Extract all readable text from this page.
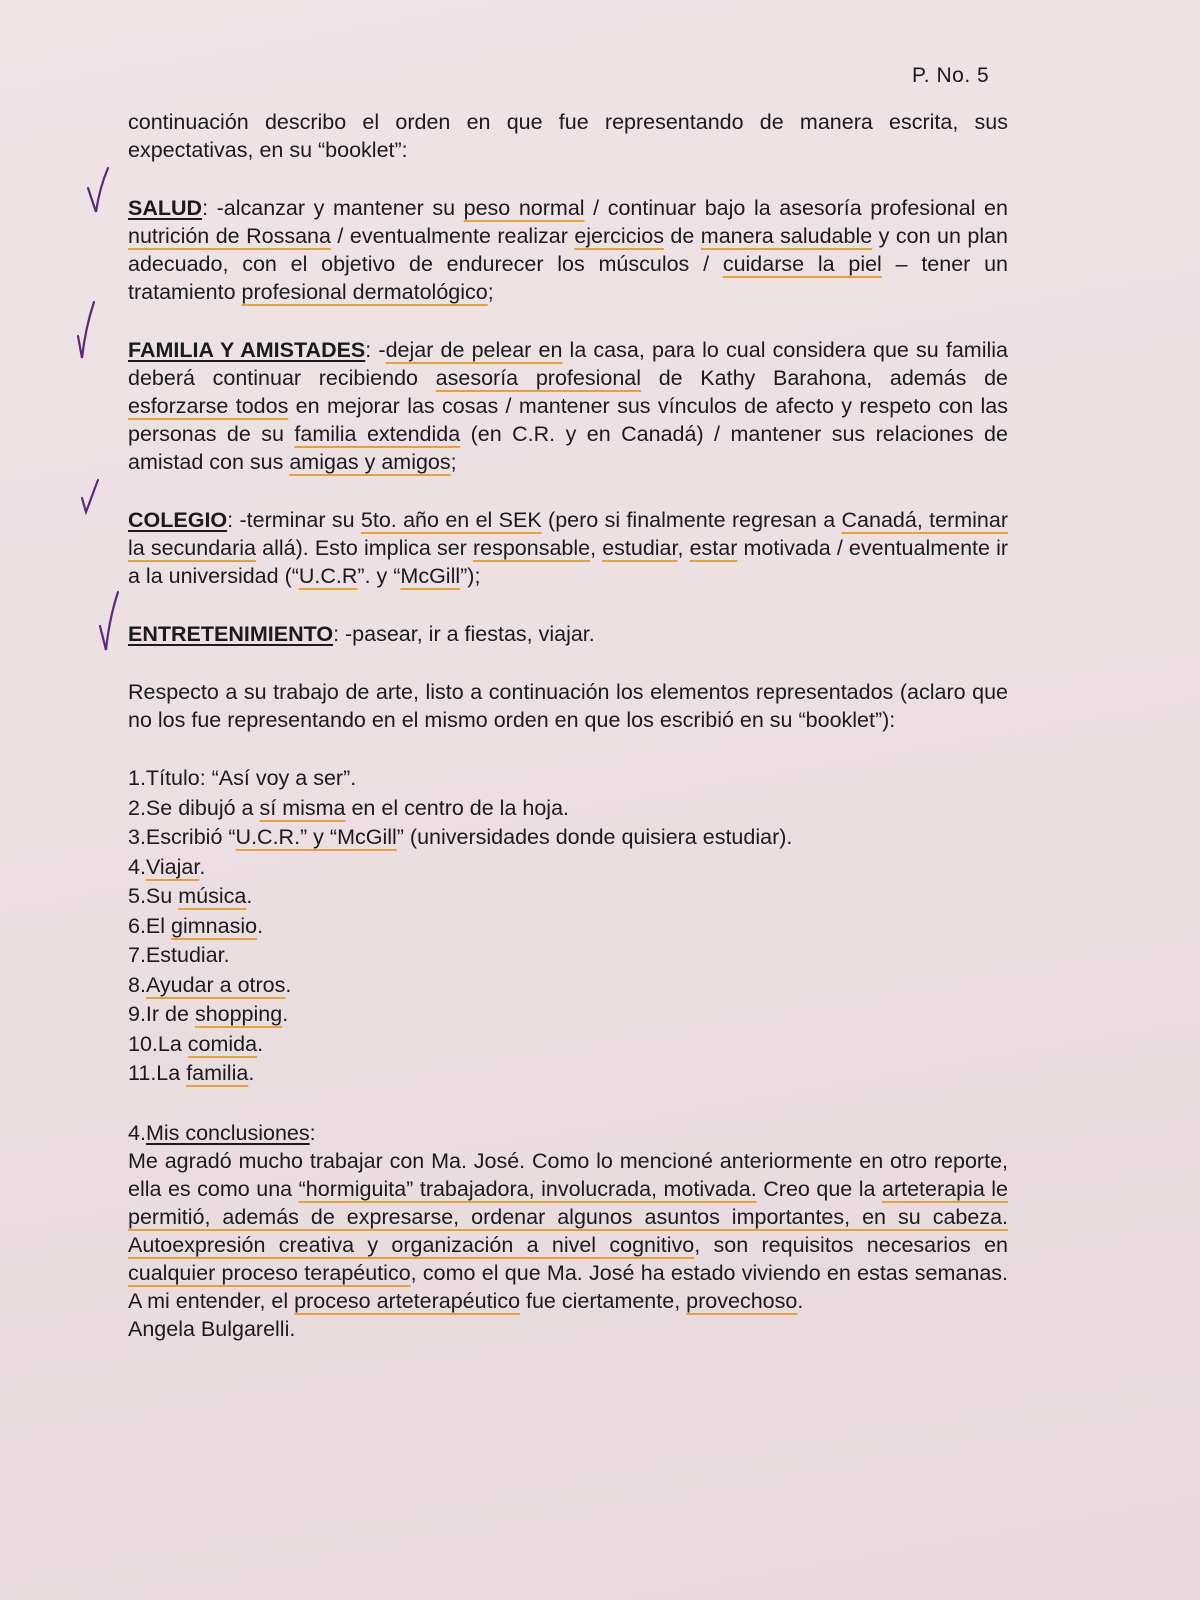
P. No. 5

continuación describo el orden en que fue representando de manera escrita, sus expectativas, en su “booklet”:

SALUD: -alcanzar y mantener su peso normal / continuar bajo la asesoría profesional en nutrición de Rossana / eventualmente realizar ejercicios de manera saludable y con un plan adecuado, con el objetivo de endurecer los músculos / cuidarse la piel – tener un tratamiento profesional dermatológico;

FAMILIA Y AMISTADES: -dejar de pelear en la casa, para lo cual considera que su familia deberá continuar recibiendo asesoría profesional de Kathy Barahona, además de esforzarse todos en mejorar las cosas / mantener sus vínculos de afecto y respeto con las personas de su familia extendida (en C.R. y en Canadá) / mantener sus relaciones de amistad con sus amigas y amigos;

COLEGIO: -terminar su 5to. año en el SEK (pero si finalmente regresan a Canadá, terminar la secundaria allá). Esto implica ser responsable, estudiar, estar motivada / eventualmente ir a la universidad (“U.C.R”. y “McGill”);

ENTRETENIMIENTO: -pasear, ir a fiestas, viajar.

Respecto a su trabajo de arte, listo a continuación los elementos representados (aclaro que no los fue representando en el mismo orden en que los escribió en su “booklet”):

1.Título: “Así voy a ser”.
2.Se dibujó a sí misma en el centro de la hoja.
3.Escribió “U.C.R.” y “McGill” (universidades donde quisiera estudiar).
4.Viajar.
5.Su música.
6.El gimnasio.
7.Estudiar.
8.Ayudar a otros.
9.Ir de shopping.
10.La comida.
11.La familia.

4.Mis conclusiones:

Me agradó mucho trabajar con Ma. José. Como lo mencioné anteriormente en otro reporte, ella es como una “hormiguita” trabajadora, involucrada, motivada. Creo que la arteterapia le permitió, además de expresarse, ordenar algunos asuntos importantes, en su cabeza. Autoexpresión creativa y organización a nivel cognitivo, son requisitos necesarios en cualquier proceso terapéutico, como el que Ma. José ha estado viviendo en estas semanas. A mi entender, el proceso arteterapéutico fue ciertamente, provechoso.

Angela Bulgarelli.
